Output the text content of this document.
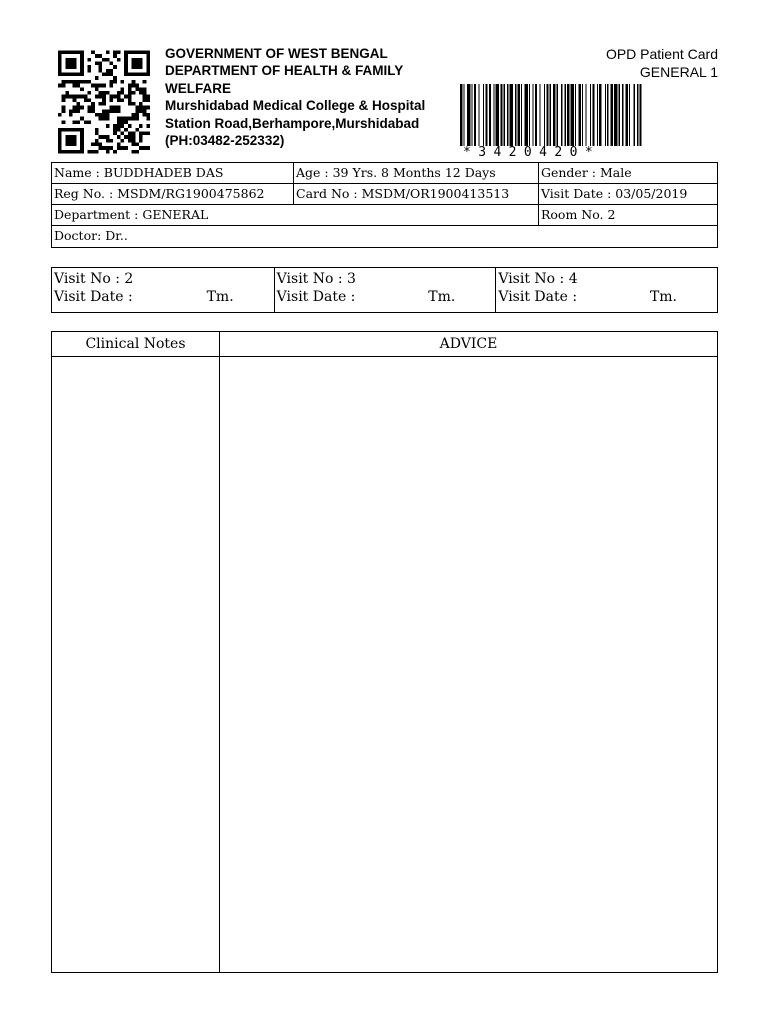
GOVERNMENT OF WEST BENGAL
DEPARTMENT OF HEALTH & FAMILY
WELFARE
Murshidabad Medical College & Hospital
Station Road,Berhampore,Murshidabad
(PH:03482-252332)
OPD Patient Card
GENERAL 1
*3420420*
Name : BUDDHADEB DAS	Age : 39 Yrs. 8 Months 12 Days	Gender : Male
Reg No. : MSDM/RG1900475862	Card No : MSDM/OR1900413513	Visit Date : 03/05/2019
Department : GENERAL	Room No. 2
Doctor: Dr..
Visit No : 2
Visit Date :	Tm.
Visit No : 3
Visit Date :	Tm.
Visit No : 4
Visit Date :	Tm.
Clinical Notes	ADVICE
